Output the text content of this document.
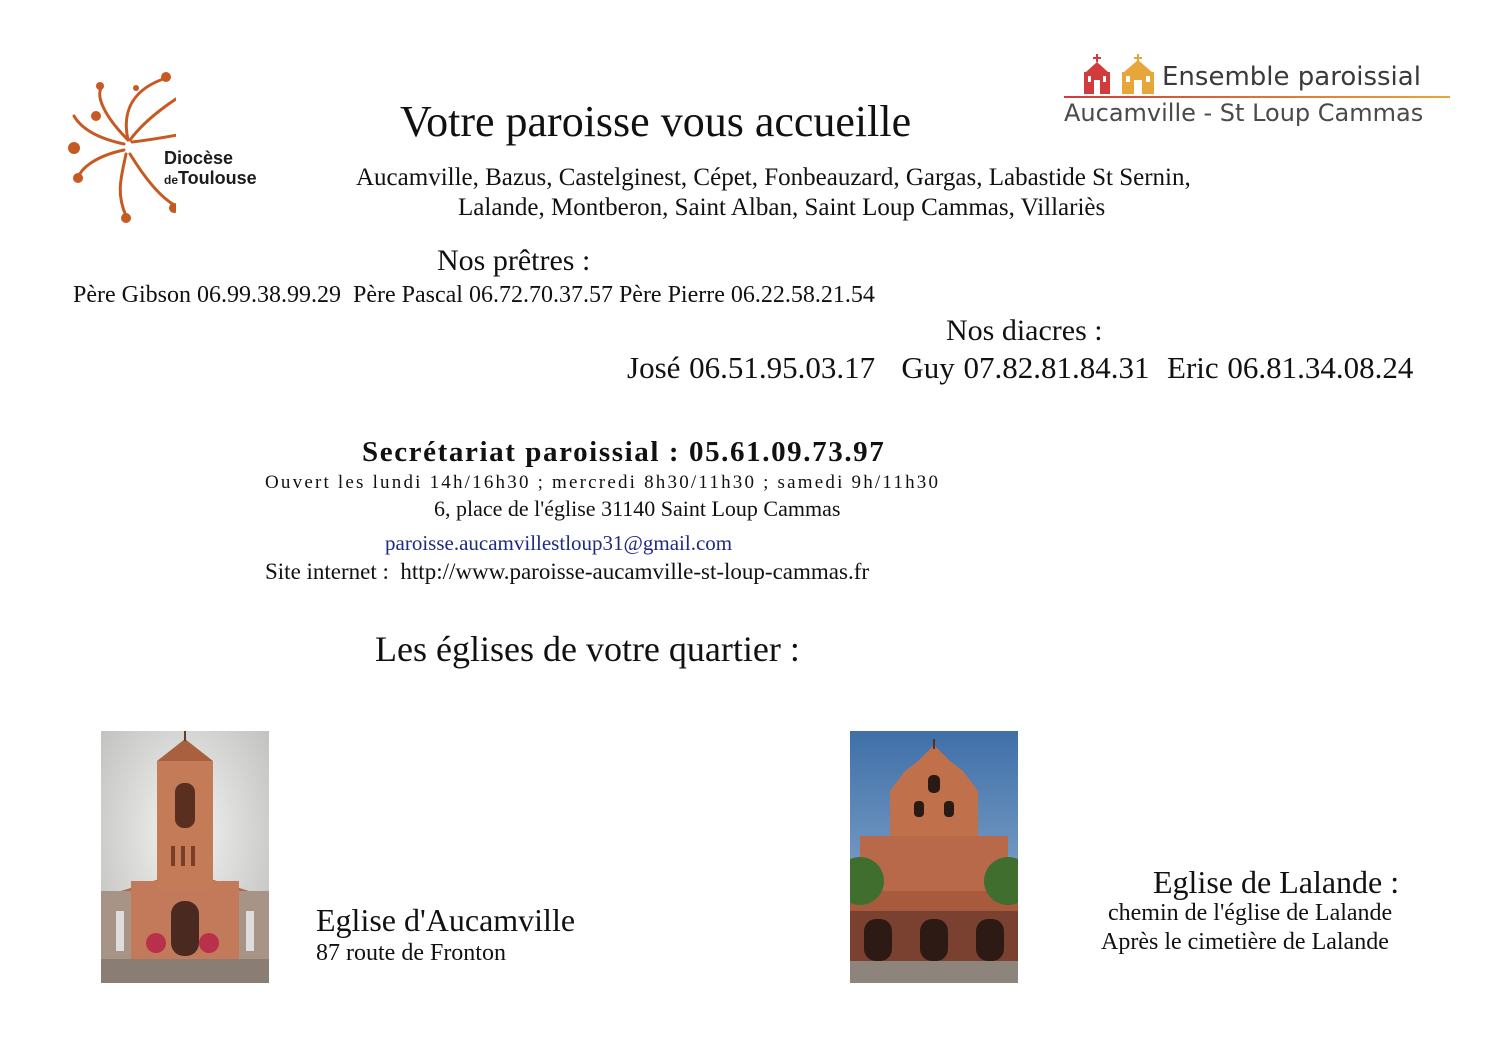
Diocèse
deToulouse
Ensemble paroissial
Aucamville - St Loup Cammas
Votre paroisse vous accueille
Aucamville, Bazus, Castelginest, Cépet, Fonbeauzard, Gargas, Labastide St Sernin,
Lalande, Montberon, Saint Alban, Saint Loup Cammas, Villariès
Nos prêtres :
Père Gibson 06.99.38.99.29  Père Pascal 06.72.70.37.57 Père Pierre 06.22.58.21.54
Nos diacres :
José 06.51.95.03.17   Guy 07.82.81.84.31  Eric 06.81.34.08.24
Secrétariat paroissial : 05.61.09.73.97
Ouvert les lundi 14h/16h30 ; mercredi 8h30/11h30 ; samedi 9h/11h30
6, place de l'église 31140 Saint Loup Cammas
paroisse.aucamvillestloup31@gmail.com
Site internet : http://www.paroisse-aucamville-st-loup-cammas.fr
Les églises de votre quartier :
Eglise d'Aucamville
87 route de Fronton
Eglise de Lalande :
chemin de l'église de Lalande
Après le cimetière de Lalande
